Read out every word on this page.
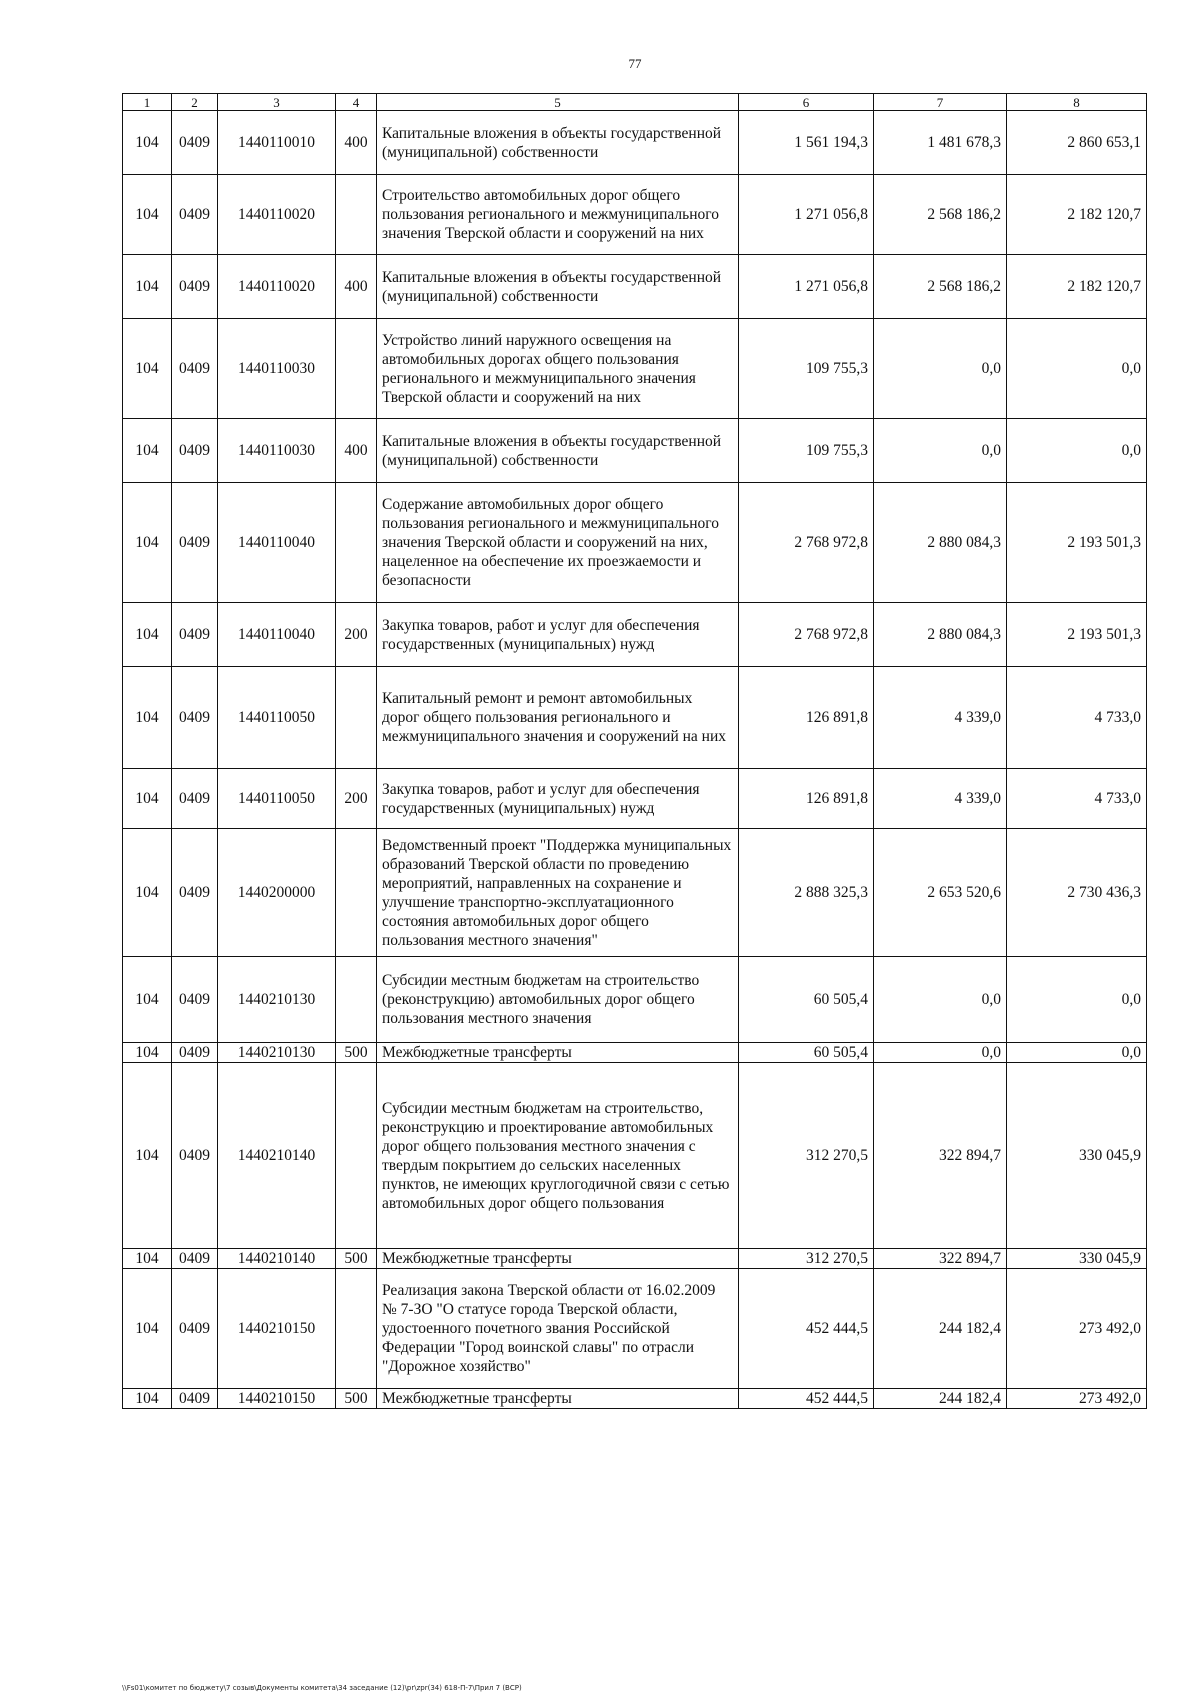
77
1	2	3	4	5	6	7	8
104	0409	1440110010	400	Капитальные вложения в объекты государственной (муниципальной) собственности	1 561 194,3	1 481 678,3	2 860 653,1
104	0409	1440110020		Строительство автомобильных дорог общего пользования регионального и межмуниципального значения Тверской области и сооружений на них	1 271 056,8	2 568 186,2	2 182 120,7
104	0409	1440110020	400	Капитальные вложения в объекты государственной (муниципальной) собственности	1 271 056,8	2 568 186,2	2 182 120,7
104	0409	1440110030		Устройство линий наружного освещения на автомобильных дорогах общего пользования регионального и межмуниципального значения Тверской области и сооружений на них	109 755,3	0,0	0,0
104	0409	1440110030	400	Капитальные вложения в объекты государственной (муниципальной) собственности	109 755,3	0,0	0,0
104	0409	1440110040		Содержание автомобильных дорог общего пользования регионального и межмуниципального значения Тверской области и сооружений на них, нацеленное на обеспечение их проезжаемости и безопасности	2 768 972,8	2 880 084,3	2 193 501,3
104	0409	1440110040	200	Закупка товаров, работ и услуг для обеспечения государственных (муниципальных) нужд	2 768 972,8	2 880 084,3	2 193 501,3
104	0409	1440110050		Капитальный ремонт и ремонт автомобильных дорог общего пользования регионального и межмуниципального значения и сооружений на них	126 891,8	4 339,0	4 733,0
104	0409	1440110050	200	Закупка товаров, работ и услуг для обеспечения государственных (муниципальных) нужд	126 891,8	4 339,0	4 733,0
104	0409	1440200000		Ведомственный проект "Поддержка муниципальных образований Тверской области по проведению мероприятий, направленных на сохранение и улучшение транспортно-эксплуатационного состояния автомобильных дорог общего пользования местного значения"	2 888 325,3	2 653 520,6	2 730 436,3
104	0409	1440210130		Субсидии местным бюджетам на строительство (реконструкцию) автомобильных дорог общего пользования местного значения	60 505,4	0,0	0,0
104	0409	1440210130	500	Межбюджетные трансферты	60 505,4	0,0	0,0
104	0409	1440210140		Субсидии местным бюджетам на строительство, реконструкцию и проектирование автомобильных дорог общего пользования местного значения с твердым покрытием до сельских населенных пунктов, не имеющих круглогодичной связи с сетью автомобильных дорог общего пользования	312 270,5	322 894,7	330 045,9
104	0409	1440210140	500	Межбюджетные трансферты	312 270,5	322 894,7	330 045,9
104	0409	1440210150		Реализация закона Тверской области от 16.02.2009 № 7-ЗО "О статусе города Тверской области, удостоенного почетного звания Российской Федерации "Город воинской славы" по отрасли "Дорожное хозяйство"	452 444,5	244 182,4	273 492,0
104	0409	1440210150	500	Межбюджетные трансферты	452 444,5	244 182,4	273 492,0
\\Fs01\комитет по бюджету\7 созыв\Документы комитета\34 заседание (12)\pr\zpr(34) 618-П-7\Прил 7 (ВСР)
